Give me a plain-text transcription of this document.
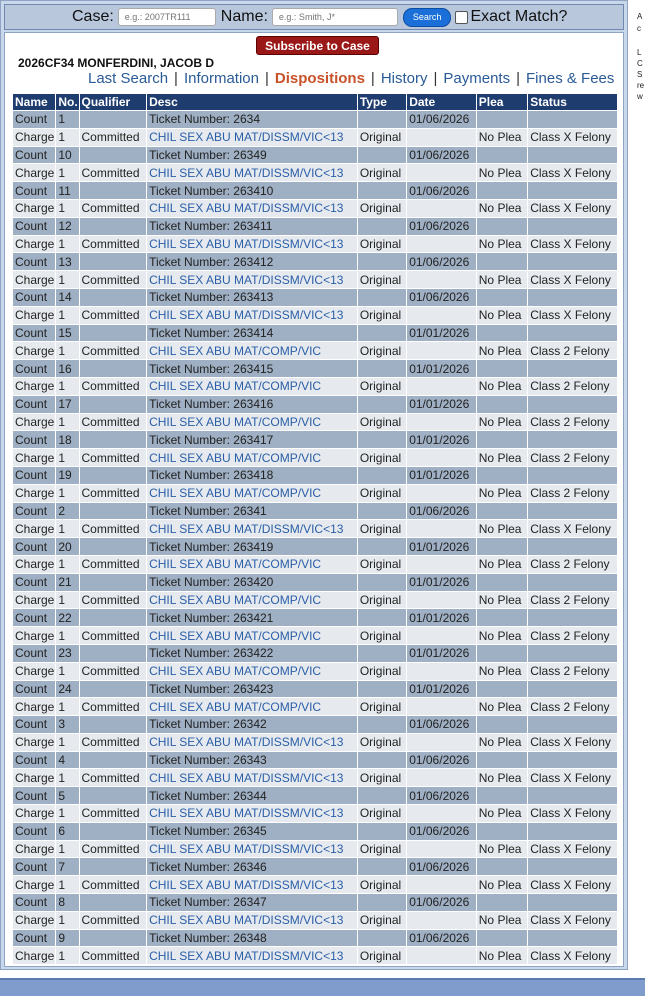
Case:
e.g.: 2007TR111	Name:
e.g.: Smith, J*	Search	Exact Match?
Subscribe to Case
2026CF34 MONFERDINI, JACOB D
Last Search | Information | Dispositions | History | Payments | Fines & Fees
Name	No.	Qualifier	Desc	Type	Date	Plea	Status
Count	1		Ticket Number: 2634		01/06/2026		
Charge	1	Committed	CHIL SEX ABU MAT/DISSM/VIC<13	Original		No Plea	Class X Felony
Count	10		Ticket Number: 26349		01/06/2026		
Charge	1	Committed	CHIL SEX ABU MAT/DISSM/VIC<13	Original		No Plea	Class X Felony
Count	11		Ticket Number: 263410		01/06/2026		
Charge	1	Committed	CHIL SEX ABU MAT/DISSM/VIC<13	Original		No Plea	Class X Felony
Count	12		Ticket Number: 263411		01/06/2026		
Charge	1	Committed	CHIL SEX ABU MAT/DISSM/VIC<13	Original		No Plea	Class X Felony
Count	13		Ticket Number: 263412		01/06/2026		
Charge	1	Committed	CHIL SEX ABU MAT/DISSM/VIC<13	Original		No Plea	Class X Felony
Count	14		Ticket Number: 263413		01/06/2026		
Charge	1	Committed	CHIL SEX ABU MAT/DISSM/VIC<13	Original		No Plea	Class X Felony
Count	15		Ticket Number: 263414		01/01/2026		
Charge	1	Committed	CHIL SEX ABU MAT/COMP/VIC	Original		No Plea	Class 2 Felony
Count	16		Ticket Number: 263415		01/01/2026		
Charge	1	Committed	CHIL SEX ABU MAT/COMP/VIC	Original		No Plea	Class 2 Felony
Count	17		Ticket Number: 263416		01/01/2026		
Charge	1	Committed	CHIL SEX ABU MAT/COMP/VIC	Original		No Plea	Class 2 Felony
Count	18		Ticket Number: 263417		01/01/2026		
Charge	1	Committed	CHIL SEX ABU MAT/COMP/VIC	Original		No Plea	Class 2 Felony
Count	19		Ticket Number: 263418		01/01/2026		
Charge	1	Committed	CHIL SEX ABU MAT/COMP/VIC	Original		No Plea	Class 2 Felony
Count	2		Ticket Number: 26341		01/06/2026		
Charge	1	Committed	CHIL SEX ABU MAT/DISSM/VIC<13	Original		No Plea	Class X Felony
Count	20		Ticket Number: 263419		01/01/2026		
Charge	1	Committed	CHIL SEX ABU MAT/COMP/VIC	Original		No Plea	Class 2 Felony
Count	21		Ticket Number: 263420		01/01/2026		
Charge	1	Committed	CHIL SEX ABU MAT/COMP/VIC	Original		No Plea	Class 2 Felony
Count	22		Ticket Number: 263421		01/01/2026		
Charge	1	Committed	CHIL SEX ABU MAT/COMP/VIC	Original		No Plea	Class 2 Felony
Count	23		Ticket Number: 263422		01/01/2026		
Charge	1	Committed	CHIL SEX ABU MAT/COMP/VIC	Original		No Plea	Class 2 Felony
Count	24		Ticket Number: 263423		01/01/2026		
Charge	1	Committed	CHIL SEX ABU MAT/COMP/VIC	Original		No Plea	Class 2 Felony
Count	3		Ticket Number: 26342		01/06/2026		
Charge	1	Committed	CHIL SEX ABU MAT/DISSM/VIC<13	Original		No Plea	Class X Felony
Count	4		Ticket Number: 26343		01/06/2026		
Charge	1	Committed	CHIL SEX ABU MAT/DISSM/VIC<13	Original		No Plea	Class X Felony
Count	5		Ticket Number: 26344		01/06/2026		
Charge	1	Committed	CHIL SEX ABU MAT/DISSM/VIC<13	Original		No Plea	Class X Felony
Count	6		Ticket Number: 26345		01/06/2026		
Charge	1	Committed	CHIL SEX ABU MAT/DISSM/VIC<13	Original		No Plea	Class X Felony
Count	7		Ticket Number: 26346		01/06/2026		
Charge	1	Committed	CHIL SEX ABU MAT/DISSM/VIC<13	Original		No Plea	Class X Felony
Count	8		Ticket Number: 26347		01/06/2026		
Charge	1	Committed	CHIL SEX ABU MAT/DISSM/VIC<13	Original		No Plea	Class X Felony
Count	9		Ticket Number: 26348		01/06/2026		
Charge	1	Committed	CHIL SEX ABU MAT/DISSM/VIC<13	Original		No Plea	Class X Felony
A
c
L
C
S
re
w
